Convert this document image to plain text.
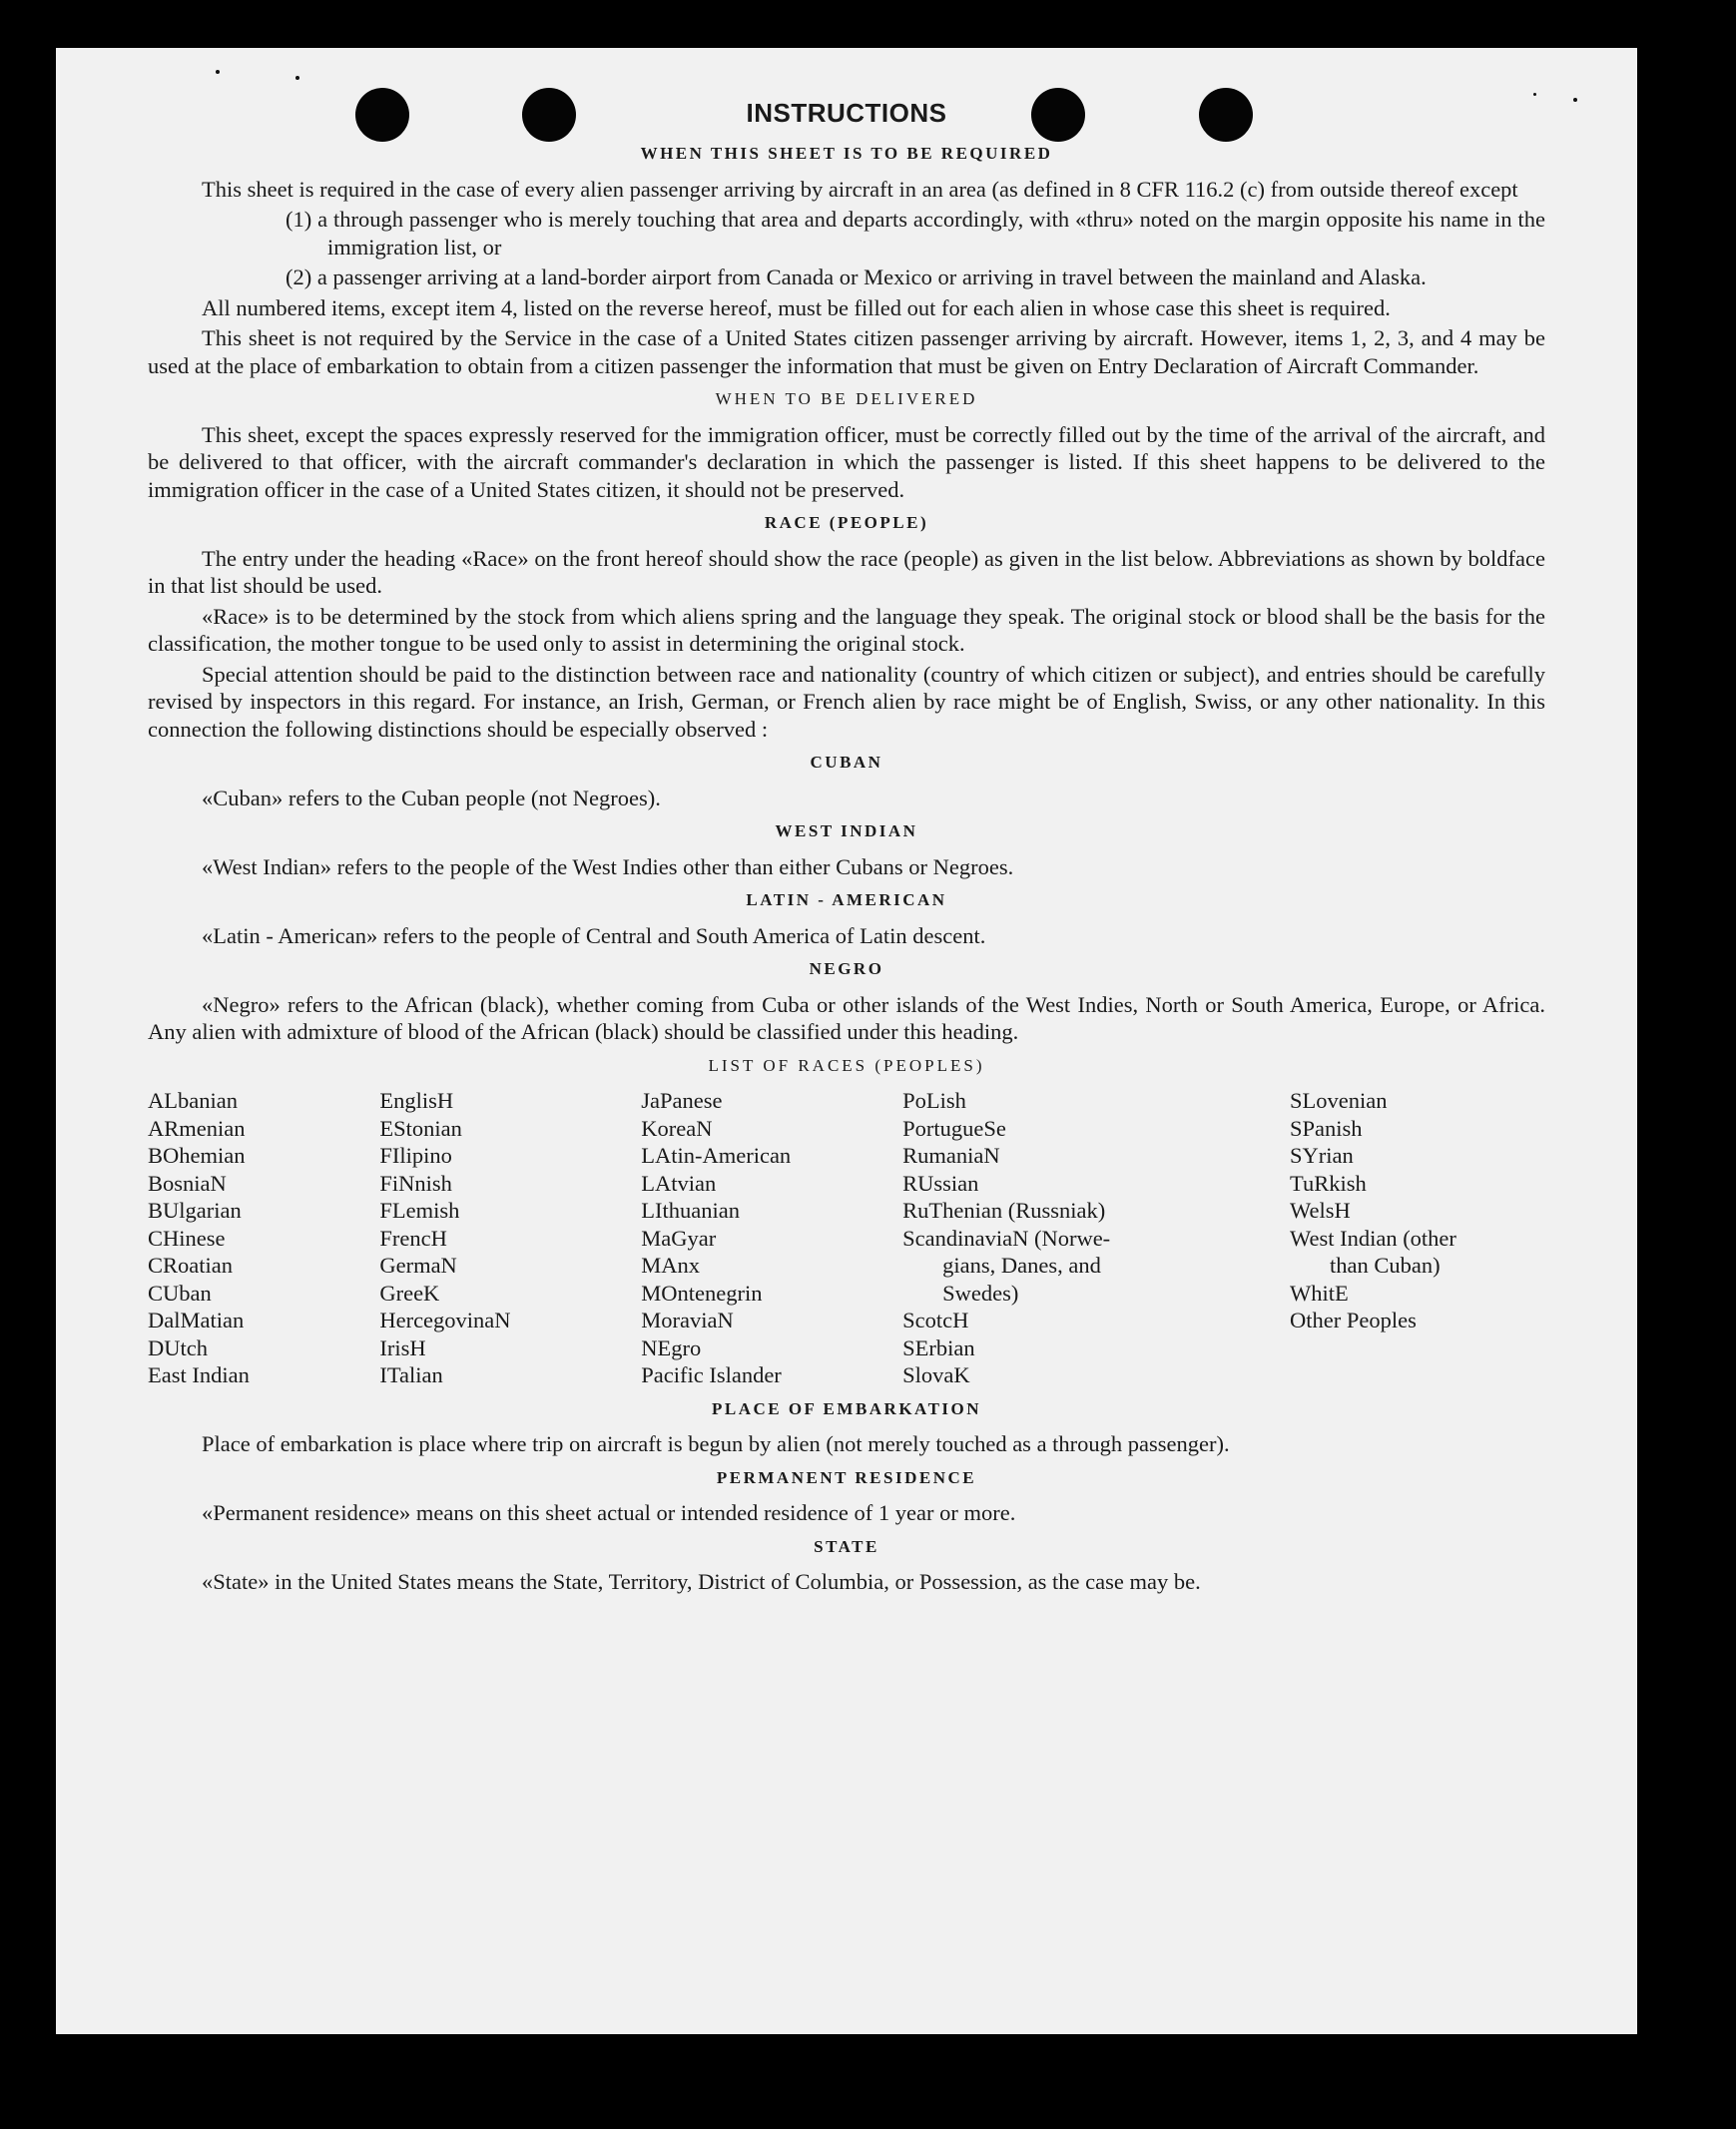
INSTRUCTIONS
WHEN THIS SHEET IS TO BE REQUIRED

This sheet is required in the case of every alien passenger arriving by aircraft in an area (as defined in 8 CFR 116.2 (c) from outside thereof except

(1) a through passenger who is merely touching that area and departs accordingly, with «thru» noted on the margin opposite his name in the immigration list, or
(2) a passenger arriving at a land-border airport from Canada or Mexico or arriving in travel between the mainland and Alaska.

All numbered items, except item 4, listed on the reverse hereof, must be filled out for each alien in whose case this sheet is required.

This sheet is not required by the Service in the case of a United States citizen passenger arriving by aircraft. However, items 1, 2, 3, and 4 may be used at the place of embarkation to obtain from a citizen passenger the information that must be given on Entry Declaration of Aircraft Commander.

WHEN TO BE DELIVERED

This sheet, except the spaces expressly reserved for the immigration officer, must be correctly filled out by the time of the arrival of the aircraft, and be delivered to that officer, with the aircraft commander's declaration in which the passenger is listed. If this sheet happens to be delivered to the immigration officer in the case of a United States citizen, it should not be preserved.

RACE (PEOPLE)

The entry under the heading «Race» on the front hereof should show the race (people) as given in the list below. Abbreviations as shown by boldface in that list should be used.

«Race» is to be determined by the stock from which aliens spring and the language they speak. The original stock or blood shall be the basis for the classification, the mother tongue to be used only to assist in determining the original stock.

Special attention should be paid to the distinction between race and nationality (country of which citizen or subject), and entries should be carefully revised by inspectors in this regard. For instance, an Irish, German, or French alien by race might be of English, Swiss, or any other nationality. In this connection the following distinctions should be especially observed :

CUBAN

«Cuban» refers to the Cuban people (not Negroes).

WEST INDIAN

«West Indian» refers to the people of the West Indies other than either Cubans or Negroes.

LATIN - AMERICAN

«Latin - American» refers to the people of Central and South America of Latin descent.

NEGRO

«Negro» refers to the African (black), whether coming from Cuba or other islands of the West Indies, North or South America, Europe, or Africa. Any alien with admixture of blood of the African (black) should be classified under this heading.

LIST OF RACES (PEOPLES)
ALbanian
ARmenian
BOhemian
BosniaN
BUlgarian
CHinese
CRoatian
CUban
DalMatian
DUtch
East Indian
EnglisH
EStonian
FIlipino
FiNnish
FLemish
FrencH
GermaN
GreeK
HercegovinaN
IrisH
ITalian
JaPanese
KoreaN
LAtin-American
LAtvian
LIthuanian
MaGyar
MAnx
MOntenegrin
MoraviaN
NEgro
Pacific Islander
PoLish
PortugueSe
RumaniaN
RUssian
RuThenian (Russniak)
ScandinaviaN (Norwe-
gians, Danes, and
Swedes)
ScotcH
SErbian
SlovaK
SLovenian
SPanish
SYrian
TuRkish
WelsH
West Indian (other
than Cuban)
WhitE
Other Peoples
PLACE OF EMBARKATION

Place of embarkation is place where trip on aircraft is begun by alien (not merely touched as a through passenger).

PERMANENT RESIDENCE

«Permanent residence» means on this sheet actual or intended residence of 1 year or more.

STATE

«State» in the United States means the State, Territory, District of Columbia, or Possession, as the case may be.
